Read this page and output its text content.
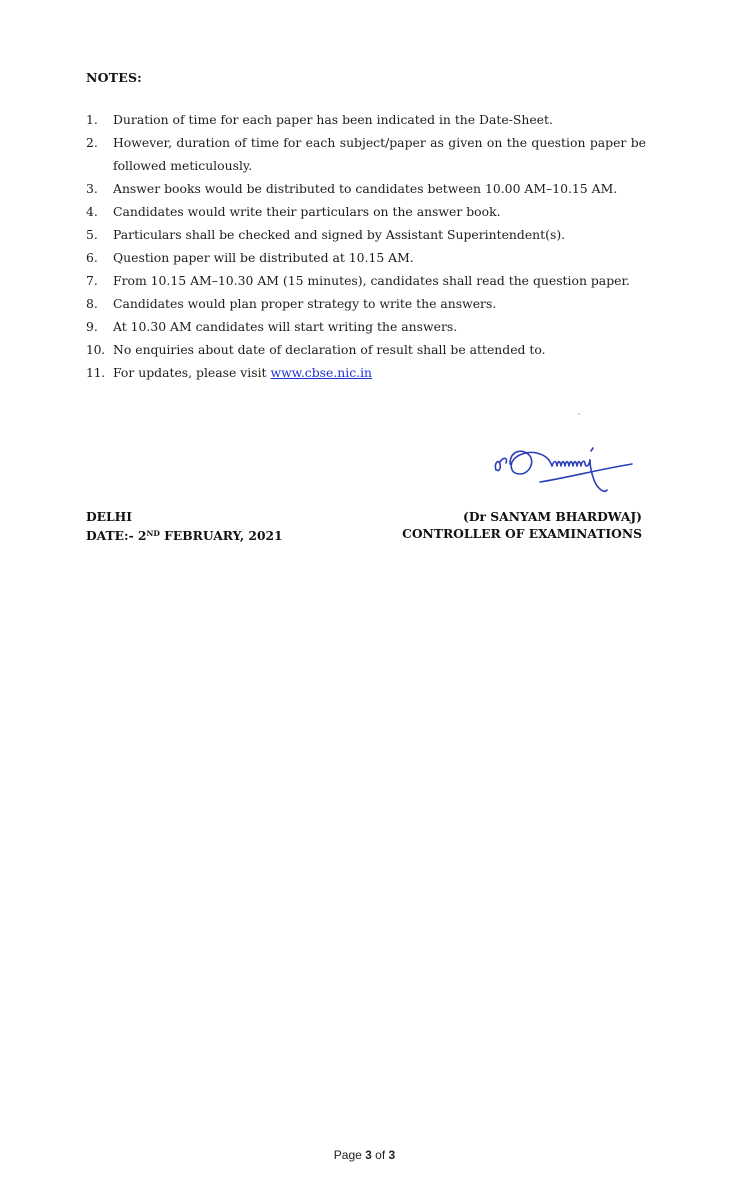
NOTES:
1.	Duration of time for each paper has been indicated in the Date-Sheet.
2.	However, duration of time for each subject/paper as given on the question paper be followed meticulously.
3.	Answer books would be distributed to candidates between 10.00 AM–10.15 AM.
4.	Candidates would write their particulars on the answer book.
5.	Particulars shall be checked and signed by Assistant Superintendent(s).
6.	Question paper will be distributed at 10.15 AM.
7.	From 10.15 AM–10.30 AM (15 minutes), candidates shall read the question paper.
8.	Candidates would plan proper strategy to write the answers.
9.	At 10.30 AM candidates will start writing the answers.
10. No enquiries about date of declaration of result shall be attended to.
11. For updates, please visit www.cbse.nic.in
DELHI
DATE:- 2ND FEBRUARY, 2021
(Dr SANYAM BHARDWAJ)
CONTROLLER OF EXAMINATIONS
Page 3 of 3
